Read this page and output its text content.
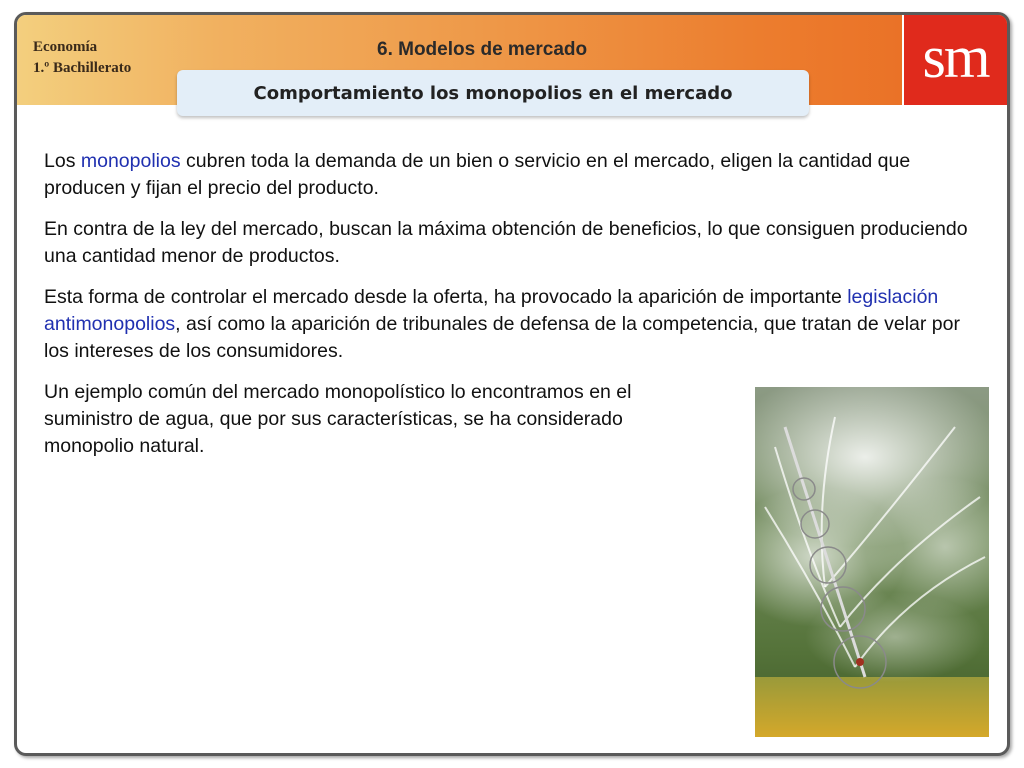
Economía
1.º Bachillerato
6. Modelos de mercado	sm
Comportamiento los monopolios en el mercado

Los monopolios cubren toda la demanda de un bien o servicio en el mercado, eligen la cantidad que producen y fijan el precio del producto.

En contra de la ley del mercado, buscan la máxima obtención de beneficios, lo que consiguen produciendo una cantidad menor de productos.

Esta forma de controlar el mercado desde la oferta, ha provocado la aparición de importante legislación antimonopolios, así como la aparición de tribunales de defensa de la competencia, que tratan de velar por los intereses de los consumidores.

Un ejemplo común del mercado monopolístico lo encontramos en el suministro de agua, que por sus características, se ha considerado monopolio natural.
